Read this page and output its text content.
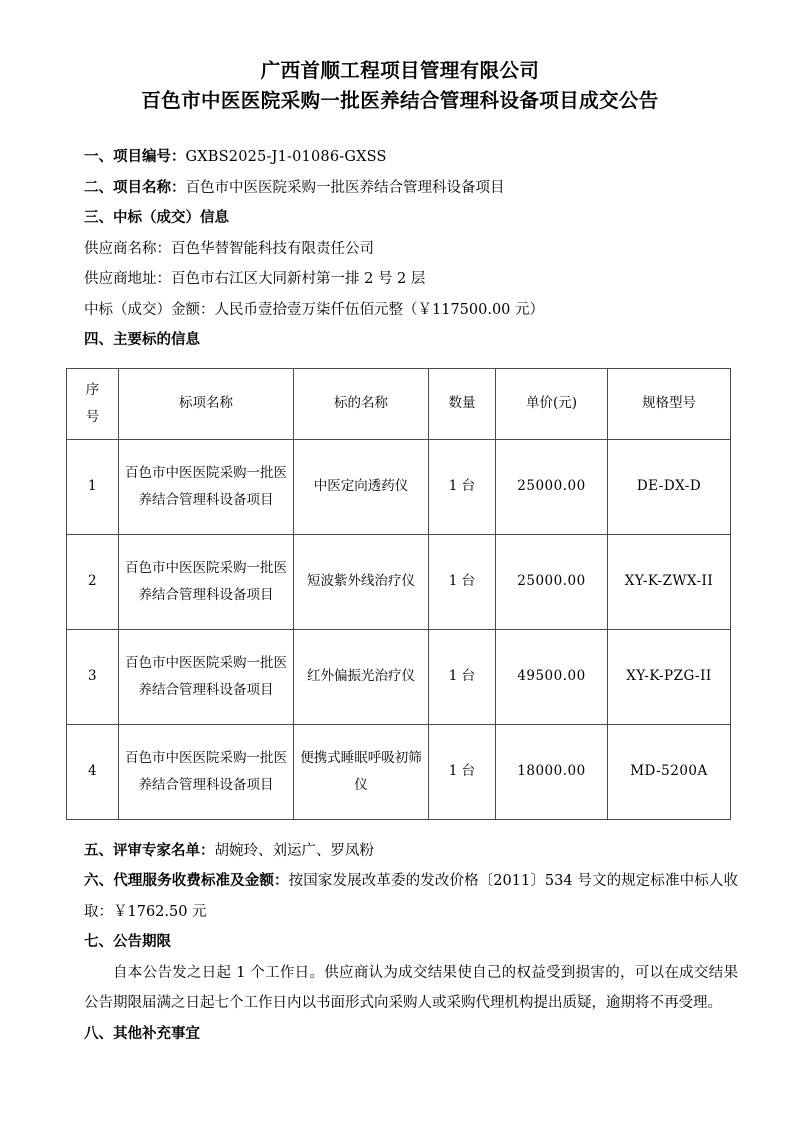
广西首顺工程项目管理有限公司
百色市中医医院采购一批医养结合管理科设备项目成交公告
一、项目编号：GXBS2025-J1-01086-GXSS
二、项目名称：百色市中医医院采购一批医养结合管理科设备项目
三、中标（成交）信息
供应商名称：百色华替智能科技有限责任公司
供应商地址：百色市右江区大同新村第一排 2 号 2 层
中标（成交）金额：人民币壹拾壹万柒仟伍佰元整（￥117500.00 元）
四、主要标的信息
序
号	标项名称	标的名称	数量	单价(元)	规格型号
1	百色市中医医院采购一批医养结合管理科设备项目	中医定向透药仪	1 台	25000.00	DE-DX-D
2	百色市中医医院采购一批医养结合管理科设备项目	短波紫外线治疗仪	1 台	25000.00	XY-K-ZWX-II
3	百色市中医医院采购一批医养结合管理科设备项目	红外偏振光治疗仪	1 台	49500.00	XY-K-PZG-II
4	百色市中医医院采购一批医养结合管理科设备项目	便携式睡眠呼吸初筛仪	1 台	18000.00	MD-5200A
五、评审专家名单：胡婉玲、刘运广、罗凤粉
六、代理服务收费标准及金额：按国家发展改革委的发改价格〔2011〕534 号文的规定标准中标人收取：￥1762.50 元
七、公告期限
自本公告发之日起 1 个工作日。供应商认为成交结果使自己的权益受到损害的，可以在成交结果公告期限届满之日起七个工作日内以书面形式向采购人或采购代理机构提出质疑，逾期将不再受理。
八、其他补充事宜
